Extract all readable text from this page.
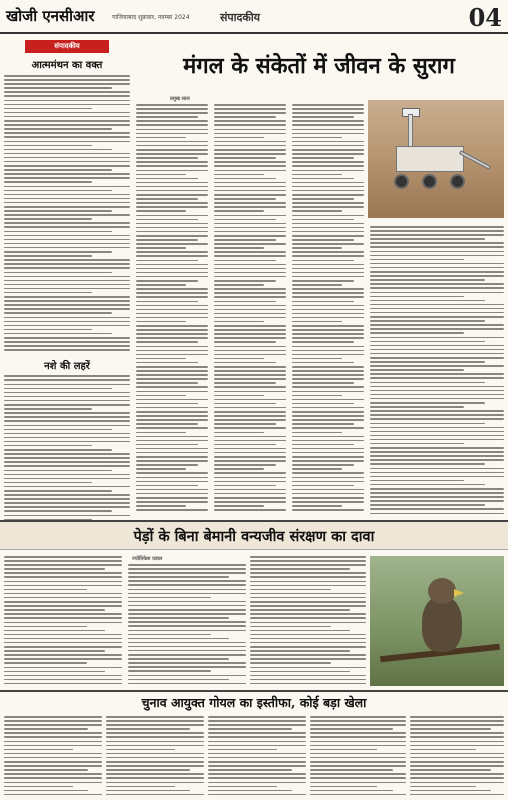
खोजी एनसीआर	गाजियाबाद शुक्रवार, नवम्बर 2024	संपादकीय	04
संपादकीय
आत्ममंथन का वक्त
नशे की लहरें
मंगल के संकेतों में जीवन के सुराग
प्रमुख लाल
पेड़ों के बिना बेमानी वन्यजीव संरक्षण का दावा
ज्योतिकेश वडाल
चुनाव आयुक्त गोयल का इस्तीफा, कोई बड़ा खेला
